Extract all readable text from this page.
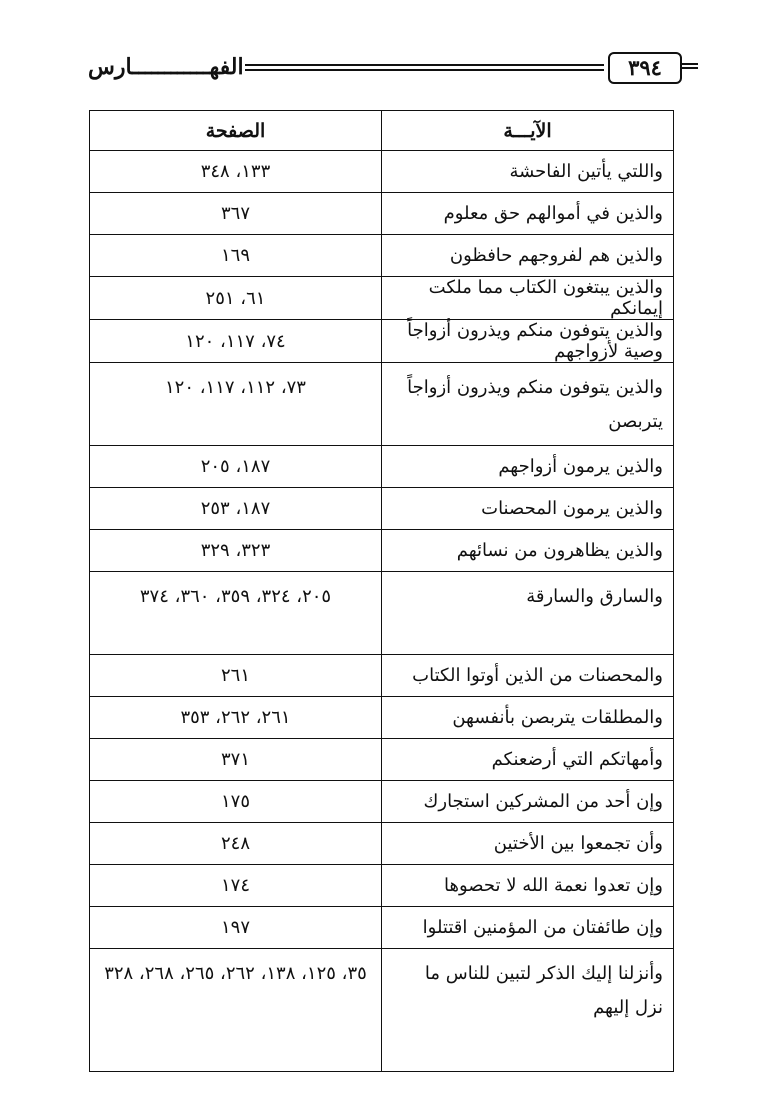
الفهــــــــــــارس	٣٩٤
الآيـــة	الصفحة
واللتي يأتين الفاحشة	١٣٣، ٣٤٨
والذين في أموالهم حق معلوم	٣٦٧
والذين هم لفروجهم حافظون	١٦٩
والذين يبتغون الكتاب مما ملكت إيمانكم	٦١، ٢٥١
والذين يتوفون منكم ويذرون أزواجاً وصية لأزواجهم	٧٤، ١١٧، ١٢٠
والذين يتوفون منكم ويذرون أزواجاً يتربصن	٧٣، ١١٢، ١١٧، ١٢٠
والذين يرمون أزواجهم	١٨٧، ٢٠٥
والذين يرمون المحصنات	١٨٧، ٢٥٣
والذين يظاهرون من نسائهم	٣٢٣، ٣٢٩
والسارق والسارقة	٢٠٥، ٣٢٤، ٣٥٩، ٣٦٠، ٣٧٤
والمحصنات من الذين أوتوا الكتاب	٢٦١
والمطلقات يتربصن بأنفسهن	٢٦١، ٢٦٢، ٣٥٣
وأمهاتكم التي أرضعنكم	٣٧١
وإن أحد من المشركين استجارك	١٧٥
وأن تجمعوا بين الأختين	٢٤٨
وإن تعدوا نعمة الله لا تحصوها	١٧٤
وإن طائفتان من المؤمنين اقتتلوا	١٩٧
وأنزلنا إليك الذكر لتبين للناس ما نزل إليهم	٣٥، ١٢٥، ١٣٨، ٢٦٢، ٢٦٥، ٢٦٨، ٣٢٨
